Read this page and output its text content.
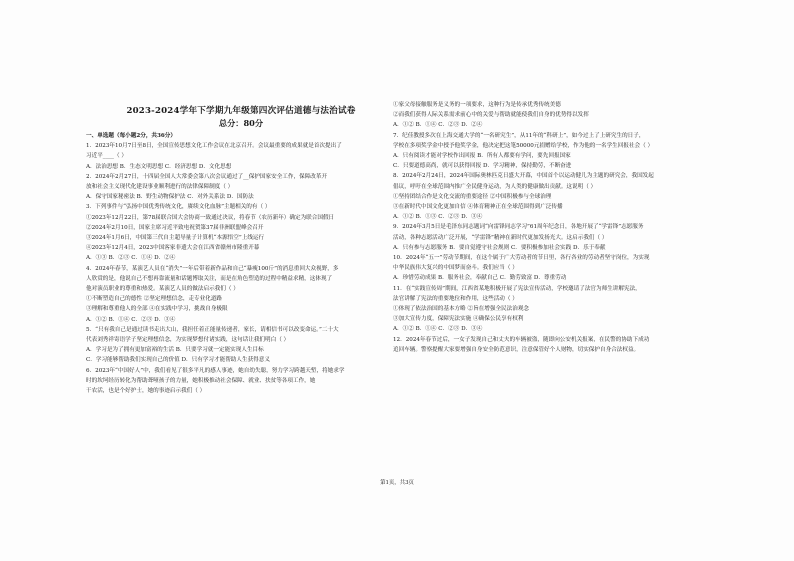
2023-2024学年下学期九年级第四次评估道德与法治试卷
总分：80分
一、单选题（每小题2分，共36分）
1．2023年10月7日至8日，全国宣传思想文化工作会议在北京召开。会议最重要的成果就是首次提出了
习近平____（ ）
A．法治思想 B．生态文明思想 C．经济思想 D．文化思想
2．2024年2月27日，十四届全国人大常委会第八次会议通过了__保护国家安全工作，保障改革开
放和社会主义现代化建设事业顺利进行的法律保障制度（ ）
A．保守国家秘密法 B．野生动物保护法 C．对外关系法 D．国防法
3．下列事件与“弘扬中国优秀传统文化，赓续文化血脉”主题相关的有（ ）
①2023年12月22日，第78届联合国大会协商一致通过决议，将春节（农历新年）确定为联合国假日
②2024年2月10日，国家主席习近平致电祝贺第37届非洲联盟峰会召开
③2024年1月6日，中国第三代自主超导量子计算机“本源悟空”上线运行
④2023年12月4日，2023中国客家非遗大会在江西省赣州市隆重开幕
A．①③ B．②③ C．①④ D．②④
4．2024年春节，某演艺人员在“消失”一年后带着新作品和自己“暴瘦100斤”的消息重回大众视野，多
人欣赏的是，他说自己不想再靠流量和话题博取关注，而是在角色塑造的过程中精益求精，这体现了
他对演员职业的尊重和热爱。某演艺人员的做法启示我们（ ）
①不断塑造自己的德性 ②坚定理想信念，走专业化道路
③理解和尊重他人的全部 ④在实践中学习，挑战自身极限
A．①② B．①④ C．②③ D．③④
5．“只有我自己是通过读书走出大山，我担任着正能量传递者，家长，请相信书可以改变命运。”二十大
代表刘秀祥寄语学子坚定理想信念，为实现梦想付诸实践，这句话让我们明白（ ）
A．学习是为了拥有更加富裕的生活 B．只要学习就一定能实现人生目标
C．学习能够帮助我们实现自己的价值 D．只有学习才能帮助人生获得意义
6．2023年“中国好人”中，我们看见了很多平凡的感人事迹，她自幼失聪，努力学习跨越天堑，将她求学
时的坎坷经历转化为帮助聋哑孩子的力量，她积极推动社会保障、就业、扶贫等各项工作，她
干农活，也是个好护士，她的事迹启示我们（ ）
①家父母接触服务是义务的一项要求，这种行为是传承优秀传统美德
②而我们获得人际关系需求前心中的关爱与帮助就能使我们自身的优势得以发挥
A．①② B．①④ C．②③ D．②④
7．纪佳教授多次在上海交通大学的“一名研究生”，从11年的“科研上”，如今过上了上研究生的日子，
学校在多项奖学金中授予他奖学金，他决定把这笔50000元捐赠给学校，作为他的一名学生回报社会（ ）
A．只有阅读才能对学校作出回报 B．所有人都要有学问，要先回报国家
C．只要道德高尚，就可以获得回报 D．学习精神，保持勤劳，不断奋进
8．2024年2月24日，2024年国际奥林匹克日盛大开幕，中国首个以运动健儿为主题的研究会，我国发起
倡议，呼吁在全球范围内推广全民健身运动，为人类的健康做出贡献。这说明（ ）
①坚持团结合作是文化交流的重要途径 ②中国积极参与全球治理
③在新时代中国文化更加自信 ④体育精神正在全球范围得到广泛传播
A．①② B．①③ C．②③ D．③④
9．2024年3月5日是毛泽东同志题词“向雷锋同志学习”61周年纪念日，各地开展了“学雷锋”志愿服务
活动，各种志愿活动广泛开展，“学雷锋”精神在新时代更加发扬光大。这启示我们（ ）
A．只有参与志愿服务 B．要自觉遵守社会规则 C．要积极参加社会实践 D．乐于奉献
10．2024年“五一”劳动节期间，在这个属于广大劳动者的节日里，各行各业的劳动者坚守岗位，为实现
中华民族伟大复兴的中国梦而奋斗。我们应当（ ）
A．珍惜劳动成果 B．服务社会，奉献自己 C．勤劳致富 D．尊重劳动
11．在“实践宣传周”期间，江西省某地积极开展了宪法宣传活动，学校邀请了法官为师生讲解宪法，
法官讲解了宪法的重要地位和作用，这些活动（ ）
①体现了依法治国的基本方略 ②旨在增强全民法治观念
③加大宣传力度，保障宪法实施 ④确保公民享有权利
A．①② B．①④ C．②③ D．③④
12．2024年春节过后，一女子发现自己和丈夫的车辆被盗，随即向公安机关报案，在民警的协助下成功
追回车辆。警察提醒大家要增强自身安全防范意识，注意保管好个人财物，切实保护自身合法权益。
第1页，共3页
